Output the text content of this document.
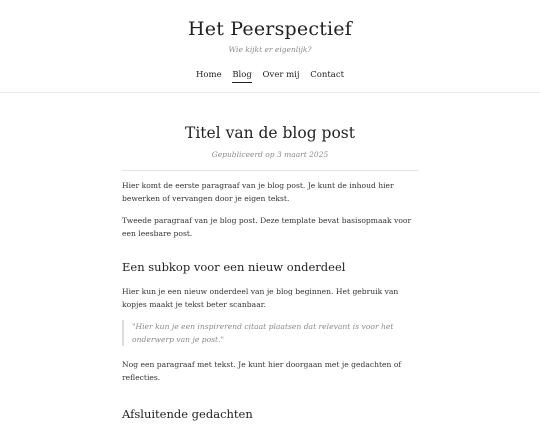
Het Peerspectief
Wie kijkt er eigenlijk?
Home Blog Over mij Contact
Titel van de blog post
Gepubliceerd op 3 maart 2025

Hier komt de eerste paragraaf van je blog post. Je kunt de inhoud hier bewerken of vervangen door je eigen tekst.

Tweede paragraaf van je blog post. Deze template bevat basisopmaak voor een leesbare post.

Een subkop voor een nieuw onderdeel

Hier kun je een nieuw onderdeel van je blog beginnen. Het gebruik van kopjes maakt je tekst beter scanbaar.

"Hier kun je een inspirerend citaat plaatsen dat relevant is voor het onderwerp van je post."

Nog een paragraaf met tekst. Je kunt hier doorgaan met je gedachten of reflecties.

Afsluitende gedachten
